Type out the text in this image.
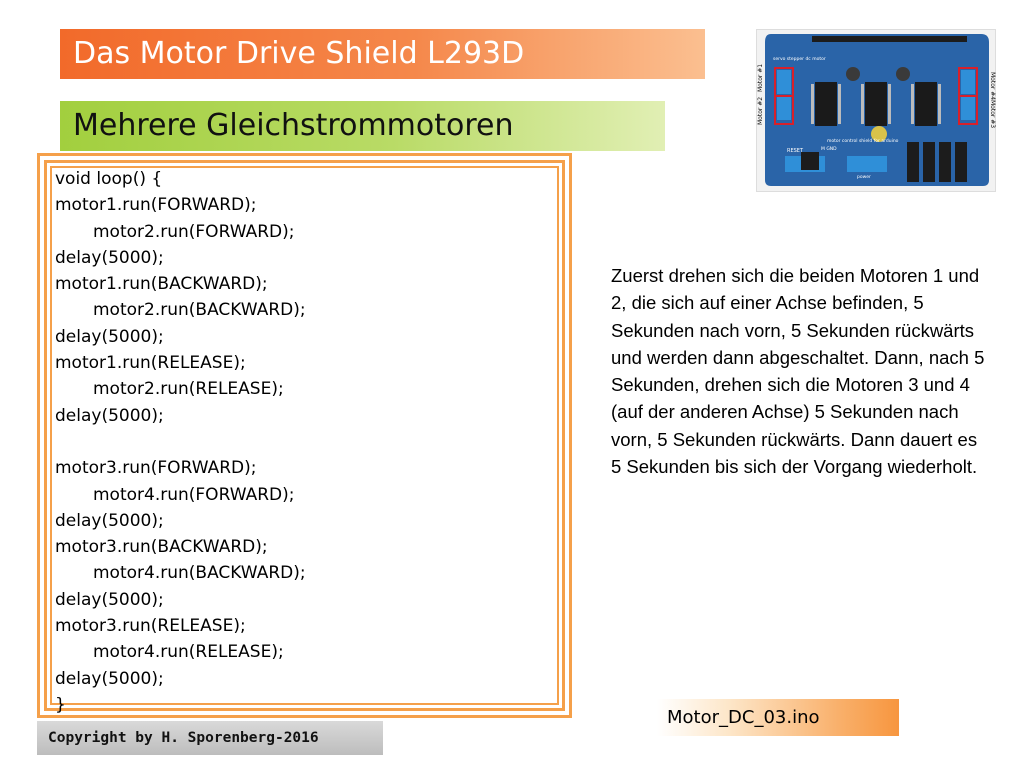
Das Motor Drive Shield L293D
Mehrere Gleichstrommotoren
void loop() {
motor1.run(FORWARD);
motor2.run(FORWARD);
delay(5000);
motor1.run(BACKWARD);
motor2.run(BACKWARD);
delay(5000);
motor1.run(RELEASE);
motor2.run(RELEASE);
delay(5000);
motor3.run(FORWARD);
motor4.run(FORWARD);
delay(5000);
motor3.run(BACKWARD);
motor4.run(BACKWARD);
delay(5000);
motor3.run(RELEASE);
motor4.run(RELEASE);
delay(5000);
}
Motor #1
Motor #2
Motor #4
Motor #3
RESET
servo stepper dc motor
motor control shield for arduino
M GND
power
Zuerst drehen sich die beiden Motoren 1 und 2, die sich auf einer Achse befinden, 5 Sekunden nach vorn, 5 Sekunden rückwärts und werden dann abgeschaltet. Dann, nach 5 Sekunden, drehen sich die Motoren 3 und 4 (auf der anderen Achse) 5 Sekunden nach vorn, 5 Sekunden rückwärts. Dann dauert es 5 Sekunden bis sich der Vorgang wiederholt.
Motor_DC_03.ino
Copyright by H. Sporenberg-2016
